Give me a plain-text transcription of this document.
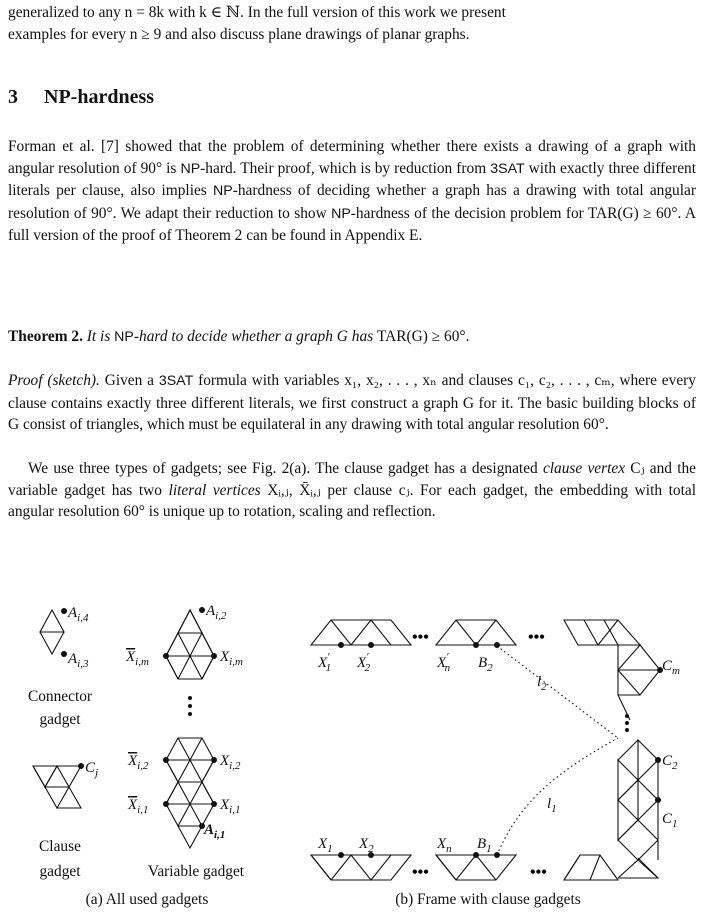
generalized to any n = 8k with k ∈ ℕ. In the full version of this work we present

examples for every n ≥ 9 and also discuss plane drawings of planar graphs.

3 NP-hardness

Forman et al. [7] showed that the problem of determining whether there exists a drawing of a graph with angular resolution of 90° is NP-hard. Their proof, which is by reduction from 3SAT with exactly three different literals per clause, also implies NP-hardness of deciding whether a graph has a drawing with total angular resolution of 90°. We adapt their reduction to show NP-hardness of the decision problem for TAR(G) ≥ 60°. A full version of the proof of Theorem 2 can be found in Appendix E.

Theorem 2. It is NP-hard to decide whether a graph G has TAR(G) ≥ 60°.

Proof (sketch). Given a 3SAT formula with variables x₁, x₂, . . . , xₙ and clauses c₁, c₂, . . . , cₘ, where every clause contains exactly three different literals, we first construct a graph G for it. The basic building blocks of G consist of triangles, which must be equilateral in any drawing with total angular resolution 60°.

We use three types of gadgets; see Fig. 2(a). The clause gadget has a designated clause vertex Cⱼ and the variable gadget has two literal vertices Xᵢ,ⱼ, X̄ᵢ,ⱼ per clause cⱼ. For each gadget, the embedding with total angular resolution 60° is unique up to rotation, scaling and reflection.

•••	•••
•••	•••
$A_{i,4}$
$A_{i,3}$
$C_j$
$A_{i,2}$
$X_{i,m}$	$X_{i,m}$
$X_{i,2}$	$X_{i,2}$
$X_{i,1}$	$X_{i,1}$
$A_{i,1}$
X′ 1 X′ 2	X′ n $B_2$	$C_m$
$l_2$
$l_1$
$C_2$
$C_1$
$X_1$ $X_2$	$X_n$ $B_1$
Connector
gadget
Clause
gadget	Variable gadget
(a) All used gadgets	(b) Frame with clause gadgets
